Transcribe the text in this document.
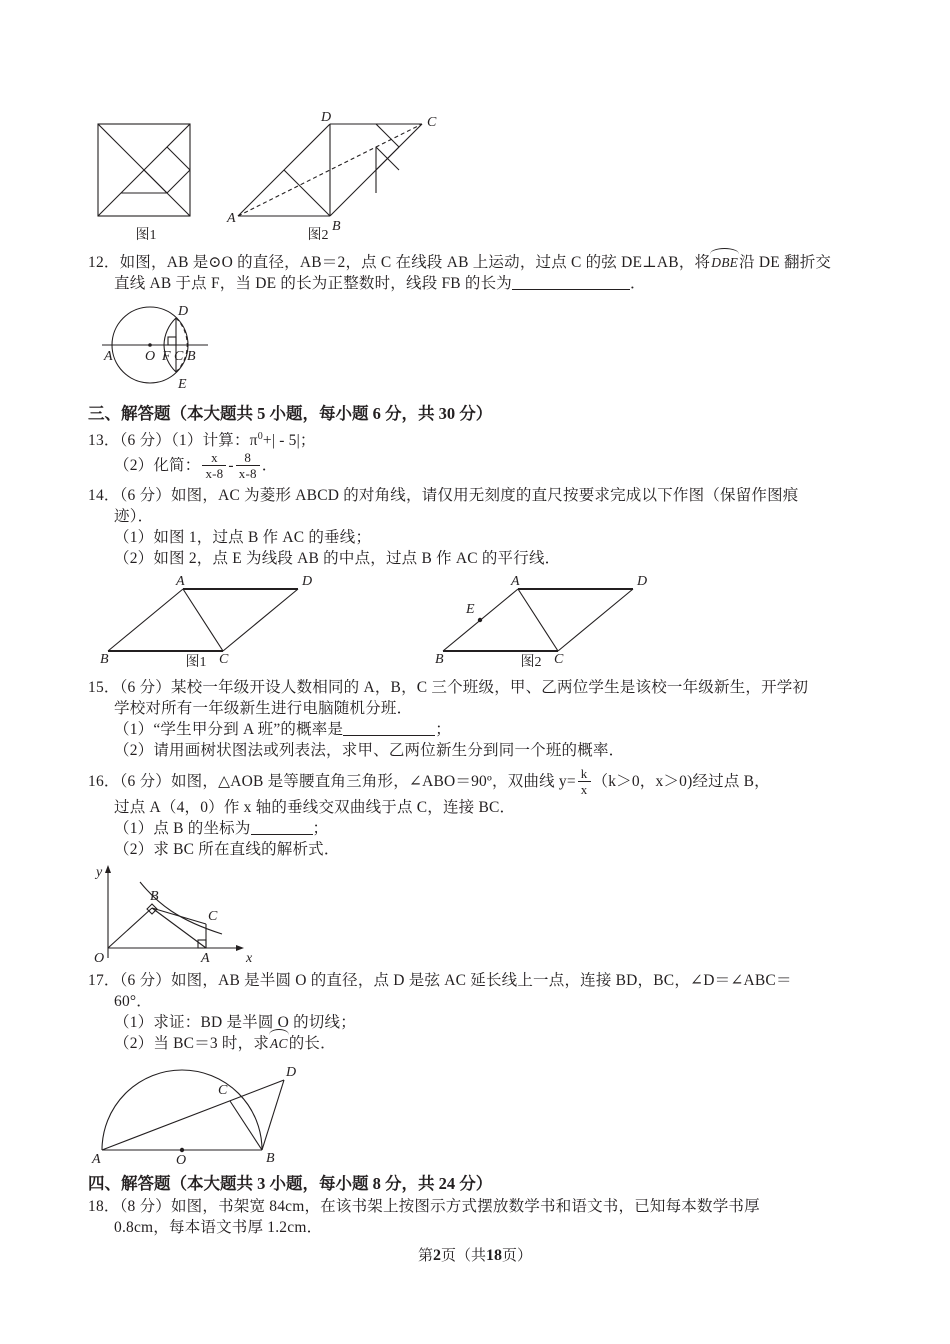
A
B
C
D
图1	图2
12．如图，AB 是⊙O 的直径，AB＝2，点 C 在线段 AB 上运动，过点 C 的弦 DE⊥AB，将DBE沿 DE 翻折交
直线 AB 于点 F，当 DE 的长为正整数时，线段 FB 的长为	．
A O F C B
D
E
三、解答题（本大题共 5 小题，每小题 6 分，共 30 分）
13．（6 分）（1）计算：$\pi^0+| - 5|$；
（2）化简： $\frac{x}{x-8} - \frac{8}{x-8}$ ．
14．（6 分）如图，AC 为菱形 ABCD 的对角线，请仅用无刻度的直尺按要求完成以下作图（保留作图痕
迹）．
（1）如图 1，过点 B 作 AC 的垂线；
（2）如图 2，点 E 为线段 AB 的中点，过点 B 作 AC 的平行线．
A	D
B	C
E
A	D
B	C
图1	图2
15．（6 分）某校一年级开设人数相同的 A，B，C 三个班级，甲、乙两位学生是该校一年级新生，开学初
学校对所有一年级新生进行电脑随机分班．
（1）“学生甲分到 A 班”的概率是	；
（2）请用画树状图法或列表法，求甲、乙两位新生分到同一个班的概率．
16．（6 分）如图，△AOB 是等腰直角三角形，∠ABO＝90º，双曲线 $y= \frac{k}{x} (k>0$，x＞0)经过点 B，
过点 A（4，0）作 x 轴的垂线交双曲线于点 C，连接 BC．
（1）点 B 的坐标为	；
（2）求 BC 所在直线的解析式．
y
x
O	A
B
C
17．（6 分）如图，AB 是半圆 O 的直径，点 D 是弦 AC 延长线上一点，连接 BD，BC，∠D＝∠ABC＝
60°．
（1）求证：BD 是半圆 O 的切线；
（2）当 BC＝3 时，求AC的长．
A	O	B
C
D
四、解答题（本大题共 3 小题，每小题 8 分，共 24 分）
18．（8 分）如图，书架宽 84cm，在该书架上按图示方式摆放数学书和语文书，已知每本数学书厚
0.8cm，每本语文书厚 1.2cm．
第2页（共18页）
